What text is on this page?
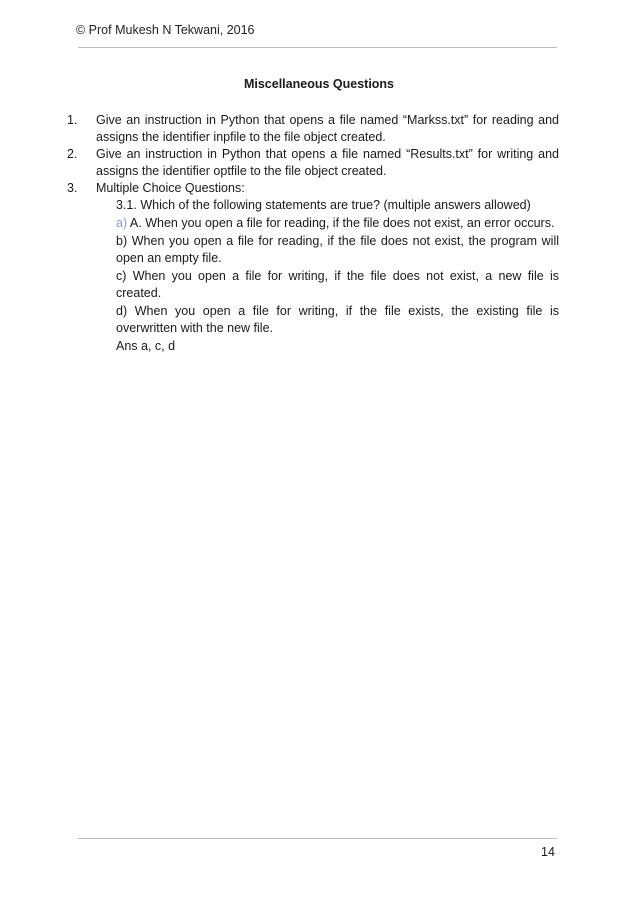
© Prof Mukesh N Tekwani, 2016
Miscellaneous Questions
1.	Give an instruction in Python that opens a file named “Markss.txt” for reading and assigns the identifier inpfile to the file object created.
2.	Give an instruction in Python that opens a file named “Results.txt” for writing and assigns the identifier optfile to the file object created.
3.	Multiple Choice Questions:

3.1. Which of the following statements are true? (multiple answers allowed)

a) A. When you open a file for reading, if the file does not exist, an error occurs.

b) When you open a file for reading, if the file does not exist, the program will open an empty file.

c) When you open a file for writing, if the file does not exist, a new file is created.

d) When you open a file for writing, if the file exists, the existing file is overwritten with the new file.

Ans a, c, d

14
